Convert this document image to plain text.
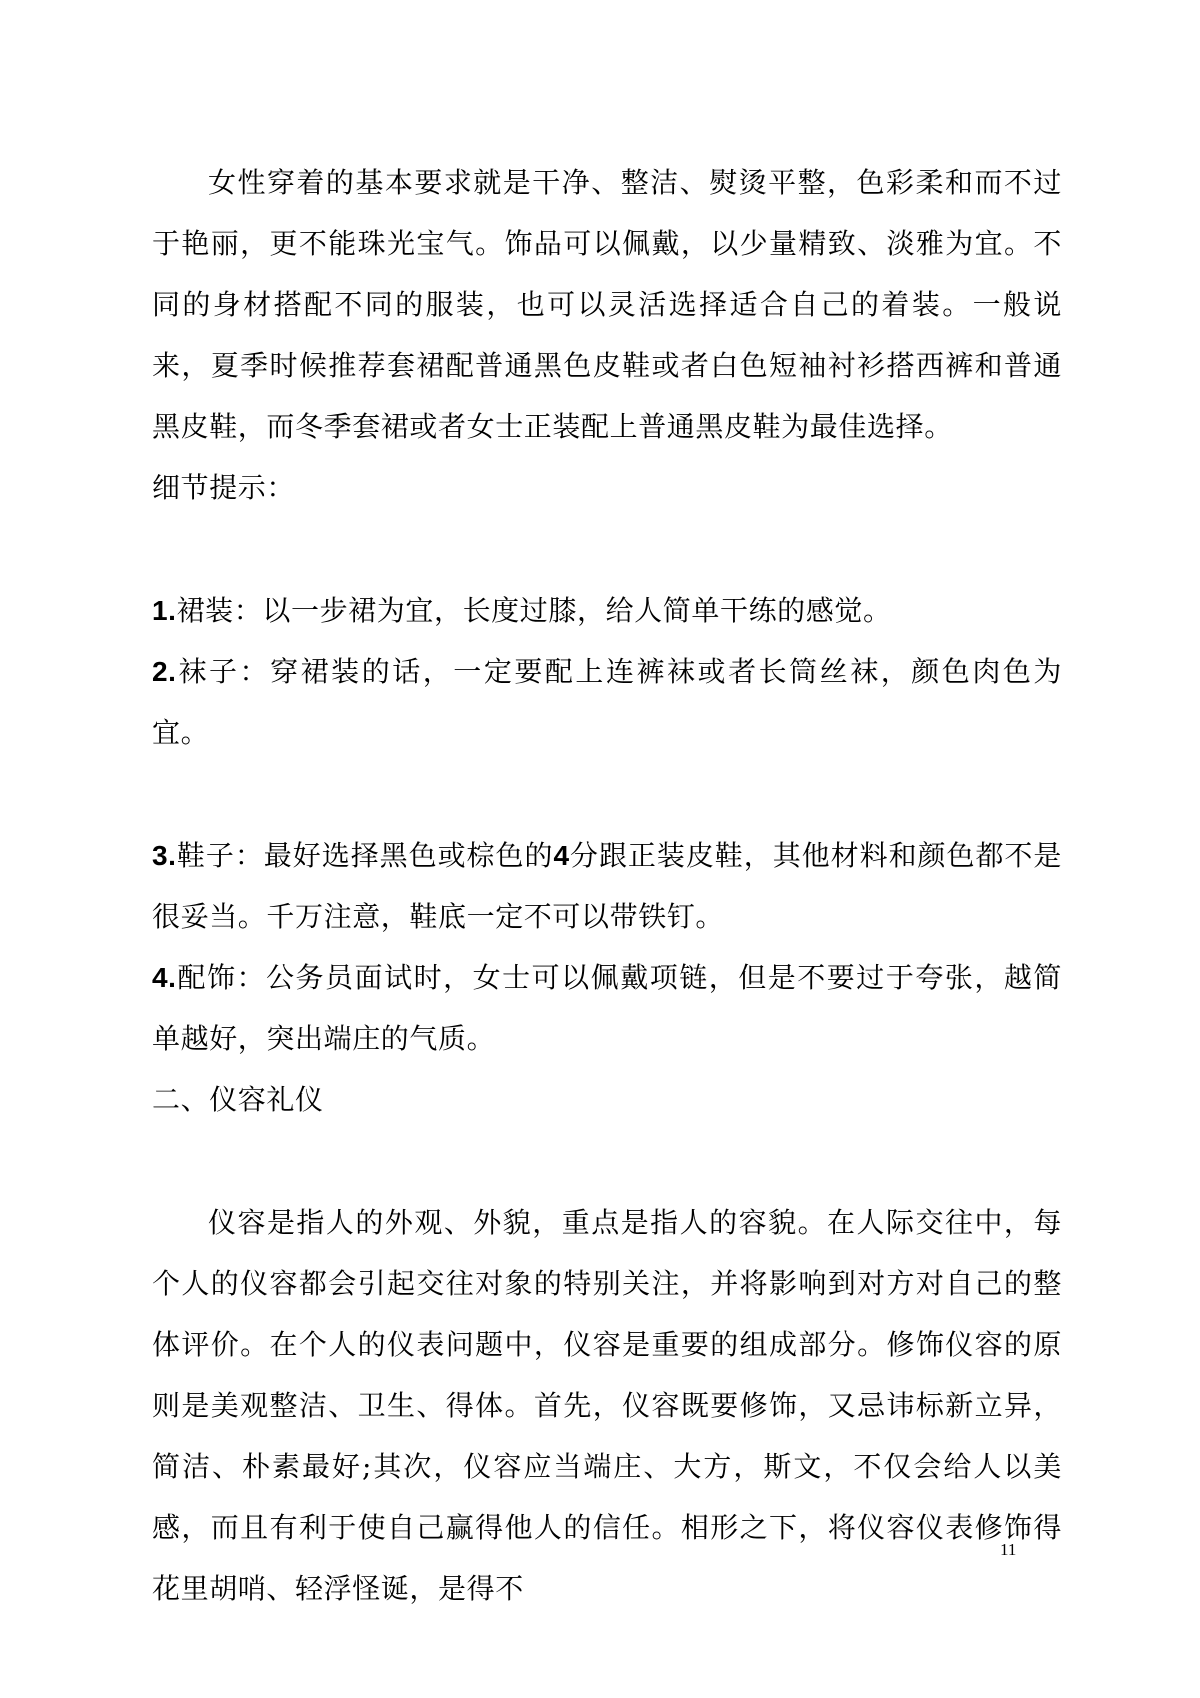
女性穿着的基本要求就是干净、整洁、熨烫平整，色彩柔和而不过于艳丽，更不能珠光宝气。饰品可以佩戴，以少量精致、淡雅为宜。不同的身材搭配不同的服装，也可以灵活选择适合自己的着装。一般说来，夏季时候推荐套裙配普通黑色皮鞋或者白色短袖衬衫搭西裤和普通黑皮鞋，而冬季套裙或者女士正装配上普通黑皮鞋为最佳选择。

细节提示：

1.裙装：以一步裙为宜，长度过膝，给人简单干练的感觉。

2.袜子：穿裙装的话，一定要配上连裤袜或者长筒丝袜，颜色肉色为宜。

3.鞋子：最好选择黑色或棕色的4分跟正装皮鞋，其他材料和颜色都不是很妥当。千万注意，鞋底一定不可以带铁钉。

4.配饰：公务员面试时，女士可以佩戴项链，但是不要过于夸张，越简单越好，突出端庄的气质。

二、仪容礼仪

仪容是指人的外观、外貌，重点是指人的容貌。在人际交往中，每个人的仪容都会引起交往对象的特别关注，并将影响到对方对自己的整体评价。在个人的仪表问题中，仪容是重要的组成部分。修饰仪容的原则是美观整洁、卫生、得体。首先，仪容既要修饰，又忌讳标新立异，简洁、朴素最好;其次，仪容应当端庄、大方，斯文，不仅会给人以美感，而且有利于使自己赢得他人的信任。相形之下，将仪容仪表修饰得花里胡哨、轻浮怪诞，是得不

11
